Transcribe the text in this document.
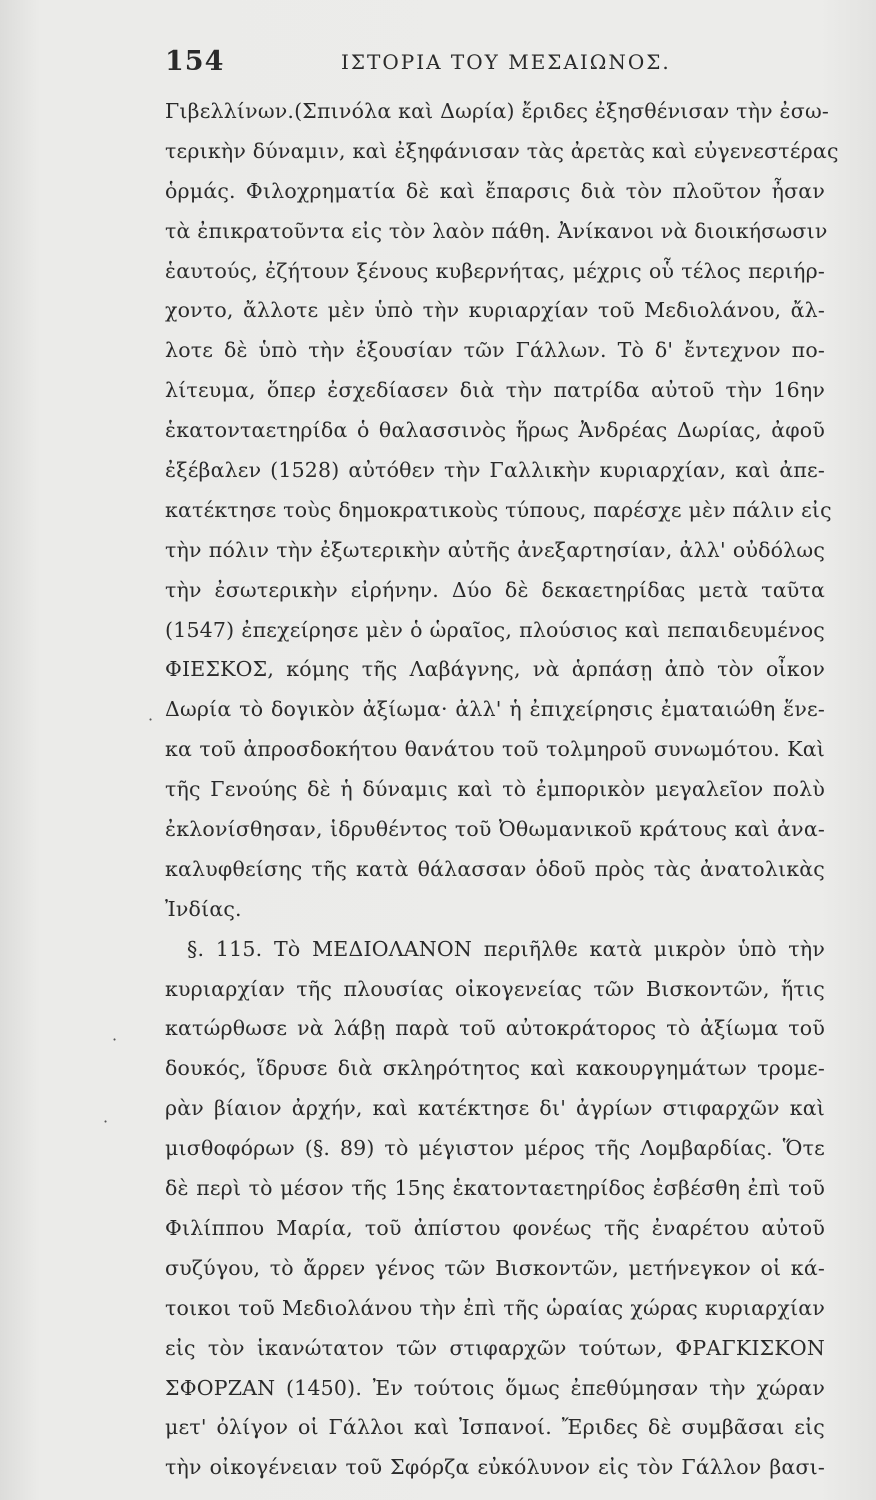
154	ΙΣΤΟΡΙΑ ΤΟΥ ΜΕΣΑΙΩΝΟΣ.
Γιβελλίνων.(Σπινόλα καὶ Δωρία) ἔριδες ἐξησθένισαν τὴν ἐσω-
τερικὴν δύναμιν, καὶ ἐξηφάνισαν τὰς ἀρετὰς καὶ εὐγενεστέρας
ὁρμάς. Φιλοχρηματία δὲ καὶ ἔπαρσις διὰ τὸν πλοῦτον ἦσαν
τὰ ἐπικρατοῦντα εἰς τὸν λαὸν πάθη. Ἀνίκανοι νὰ διοικήσωσιν
ἑαυτούς, ἐζήτουν ξένους κυβερνήτας, μέχρις οὗ τέλος περιήρ-
χοντο, ἄλλοτε μὲν ὑπὸ τὴν κυριαρχίαν τοῦ Μεδιολάνου, ἄλ-
λοτε δὲ ὑπὸ τὴν ἐξουσίαν τῶν Γάλλων. Τὸ δ' ἔντεχνον πο-
λίτευμα, ὅπερ ἐσχεδίασεν διὰ τὴν πατρίδα αὐτοῦ τὴν 16ην
ἑκατονταετηρίδα ὁ θαλασσινὸς ἥρως Ἀνδρέας Δωρίας, ἀφοῦ
ἐξέβαλεν (1528) αὐτόθεν τὴν Γαλλικὴν κυριαρχίαν, καὶ ἀπε-
κατέκτησε τοὺς δημοκρατικοὺς τύπους, παρέσχε μὲν πάλιν εἰς
τὴν πόλιν τὴν ἐξωτερικὴν αὐτῆς ἀνεξαρτησίαν, ἀλλ' οὐδόλως
τὴν ἐσωτερικὴν εἰρήνην. Δύο δὲ δεκαετηρίδας μετὰ ταῦτα
(1547) ἐπεχείρησε μὲν ὁ ὡραῖος, πλούσιος καὶ πεπαιδευμένος
ΦΙΕΣΚΟΣ, κόμης τῆς Λαβάγνης, νὰ ἁρπάσῃ ἀπὸ τὸν οἶκον
Δωρία τὸ δογικὸν ἀξίωμα· ἀλλ' ἡ ἐπιχείρησις ἐματαιώθη ἕνε-
κα τοῦ ἀπροσδοκήτου θανάτου τοῦ τολμηροῦ συνωμότου. Καὶ
τῆς Γενούης δὲ ἡ δύναμις καὶ τὸ ἐμπορικὸν μεγαλεῖον πολὺ
ἐκλονίσθησαν, ἱδρυθέντος τοῦ Ὀθωμανικοῦ κράτους καὶ ἀνα-
καλυφθείσης τῆς κατὰ θάλασσαν ὁδοῦ πρὸς τὰς ἀνατολικὰς
Ἰνδίας.
§. 115. Τὸ ΜΕΔΙΟΛΑΝΟΝ περιῆλθε κατὰ μικρὸν ὑπὸ τὴν
κυριαρχίαν τῆς πλουσίας οἰκογενείας τῶν Βισκοντῶν, ἥτις
κατώρθωσε νὰ λάβῃ παρὰ τοῦ αὐτοκράτορος τὸ ἀξίωμα τοῦ
δουκός, ἵδρυσε διὰ σκληρότητος καὶ κακουργημάτων τρομε-
ρὰν βίαιον ἀρχήν, καὶ κατέκτησε δι' ἀγρίων στιφαρχῶν καὶ
μισθοφόρων (§. 89) τὸ μέγιστον μέρος τῆς Λομβαρδίας. Ὅτε
δὲ περὶ τὸ μέσον τῆς 15ης ἑκατονταετηρίδος ἐσβέσθη ἐπὶ τοῦ
Φιλίππου Μαρία, τοῦ ἀπίστου φονέως τῆς ἐναρέτου αὐτοῦ
συζύγου, τὸ ἄρρεν γένος τῶν Βισκοντῶν, μετήνεγκον οἱ κά-
τοικοι τοῦ Μεδιολάνου τὴν ἐπὶ τῆς ὡραίας χώρας κυριαρχίαν
εἰς τὸν ἱκανώτατον τῶν στιφαρχῶν τούτων, ΦΡΑΓΚΙΣΚΟΝ
ΣΦΟΡΖΑΝ (1450). Ἐν τούτοις ὅμως ἐπεθύμησαν τὴν χώραν
μετ' ὀλίγον οἱ Γάλλοι καὶ Ἰσπανοί. Ἔριδες δὲ συμβᾶσαι εἰς
τὴν οἰκογένειαν τοῦ Σφόρζα εὐκόλυνον εἰς τὸν Γάλλον βασι-
·
·
·
